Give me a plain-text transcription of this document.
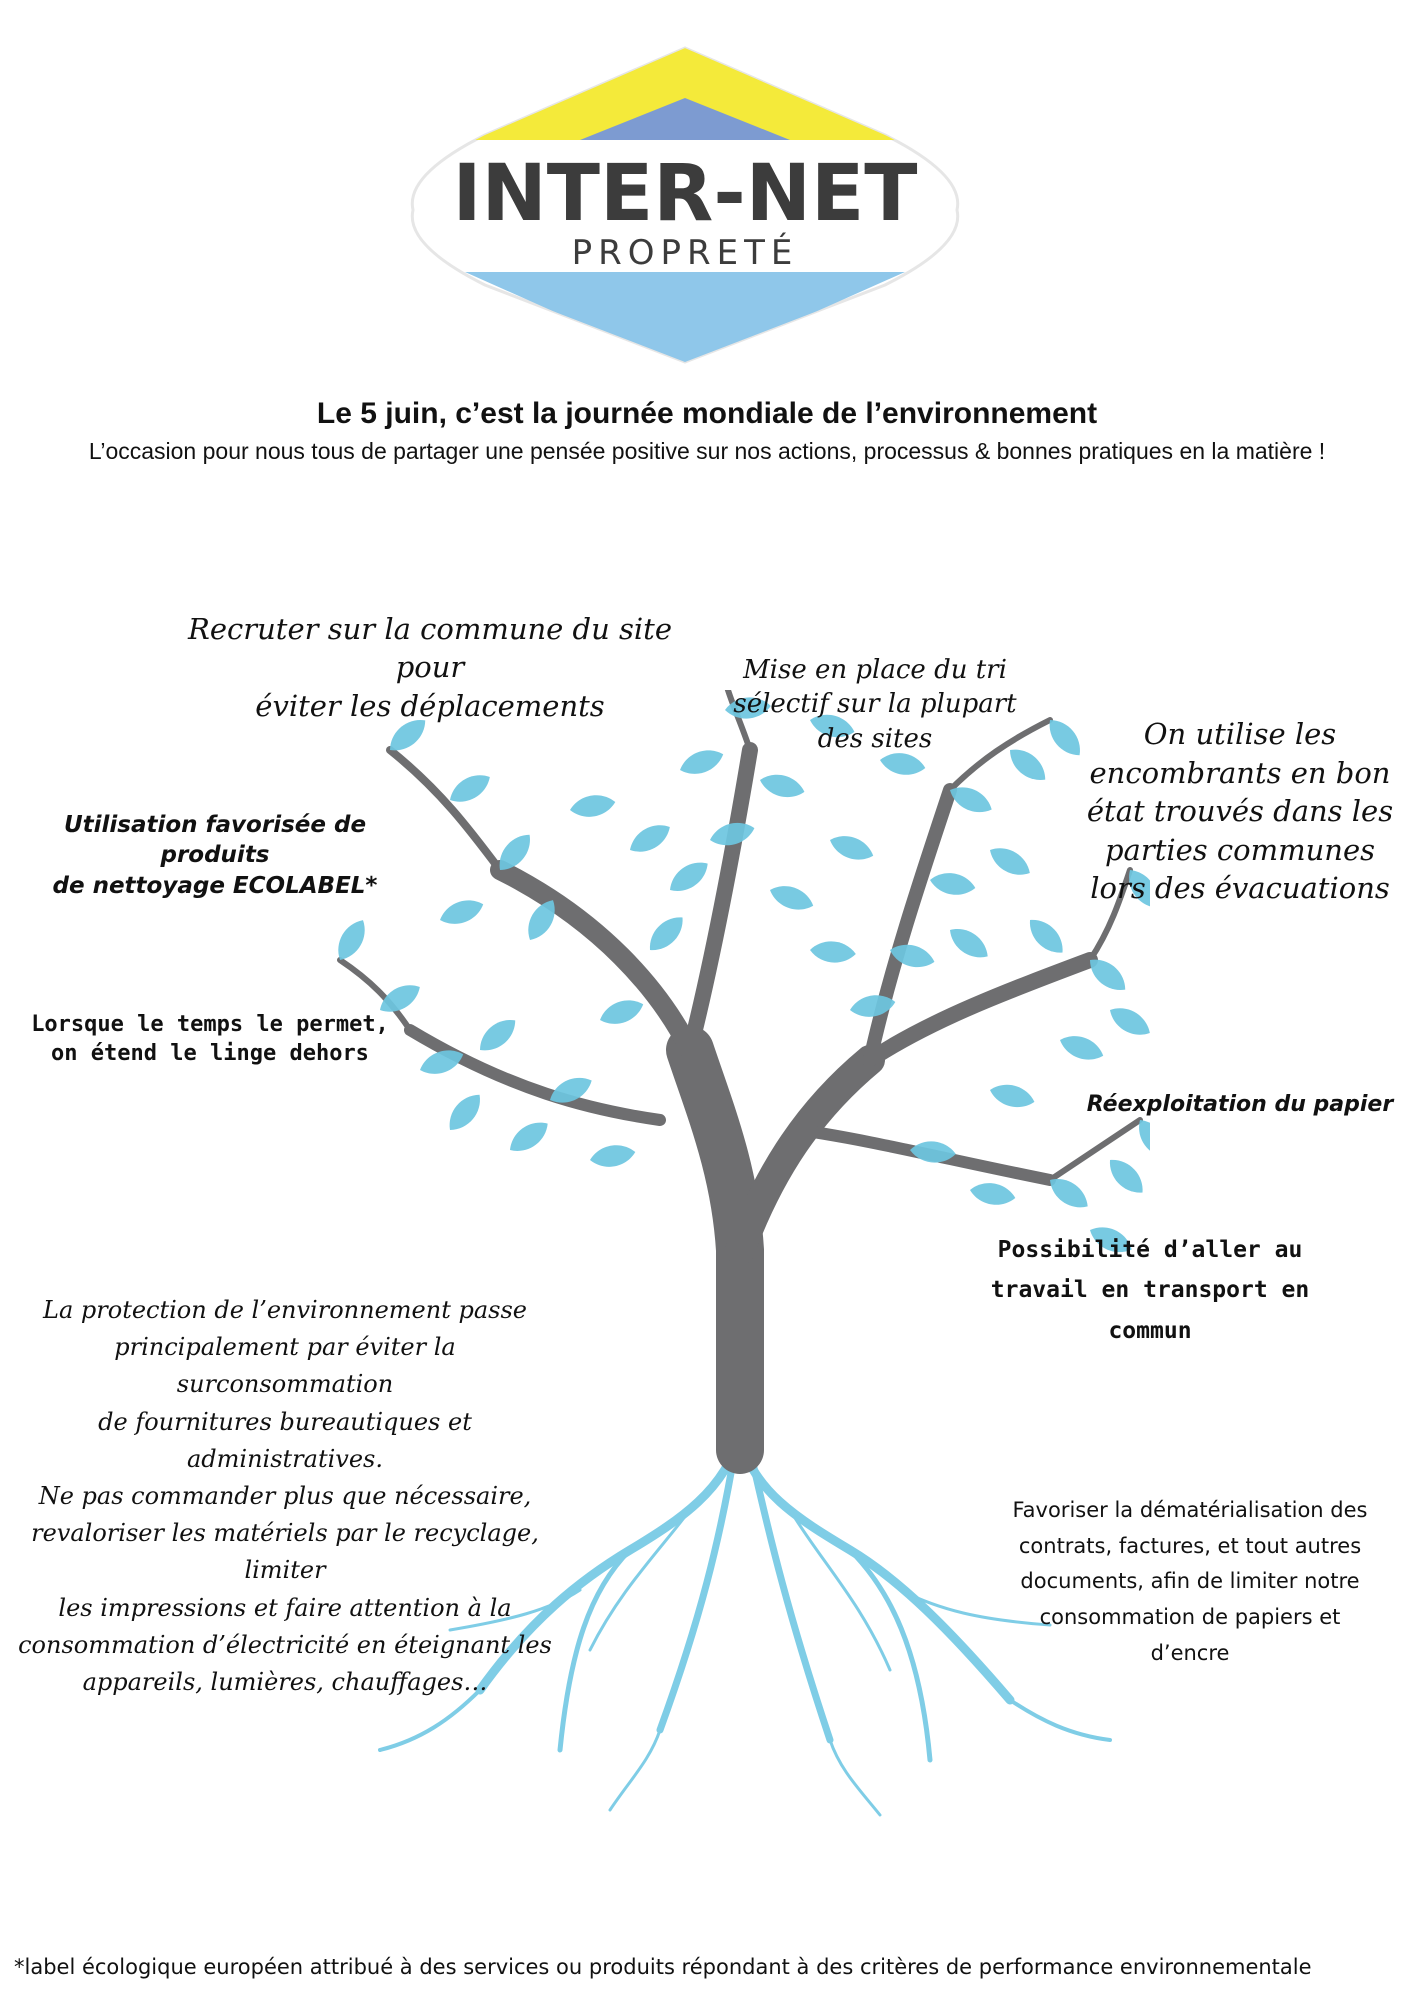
INTER-NET
PROPRETÉ
Le 5 juin, c’est la journée mondiale de l’environnement
L’occasion pour nous tous de partager une pensée positive sur nos actions, processus & bonnes pratiques en la matière !
Recruter sur la commune du site pour
éviter les déplacements
Mise en place du tri
sélectif sur la plupart
des sites	On utilise les
encombrants en bon
état trouvés dans les
parties communes
lors des évacuations
Utilisation favorisée de produits
de nettoyage ECOLABEL*
Lorsque le temps le permet,
on étend le linge dehors
Réexploitation du papier
Possibilité d’aller au
travail en transport en
commun
La protection de l’environnement passe
principalement par éviter la surconsommation
de fournitures bureautiques et administratives.
Ne pas commander plus que nécessaire,
revaloriser les matériels par le recyclage, limiter
les impressions et faire attention à la
consommation d’électricité en éteignant les
appareils, lumières, chauffages…
Favoriser la dématérialisation des
contrats, factures, et tout autres
documents, afin de limiter notre
consommation de papiers et
d’encre
*label écologique européen attribué à des services ou produits répondant à des critères de performance environnementale
